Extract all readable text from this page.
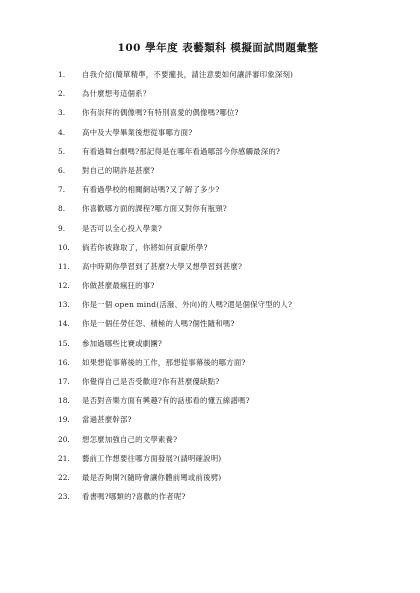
100 學年度 表藝類科 模擬面試問題彙整
1.	自我介紹(簡單精準，不要攏長，請注意要如何讓評審印象深刻)
2.	為什麼想考這個系？
3.	你有崇拜的偶像嗎?有特別喜愛的偶像嗎?哪位?
4.	高中及大學畢業後想從事哪方面?
5.	有看過舞台劇嗎?那記得是在哪年看過哪部今你感觸最深的?
6.	對自己的期許是甚麼?
7.	有看過學校的相關網站嗎?又了解了多少?
8.	你喜歡哪方面的課程?哪方面又對你有瓶頸?
9.	是否可以全心投入學業?
10.	倘若你被錄取了，你將如何貢獻所學?
11.	高中時期你學習到了甚麼?大學又想學習到甚麼?
12.	你做甚麼最瘋狂的事?
13.	你是一個 open mind(活潑、外向)的人嗎?還是個保守型的人?
14.	你是一個任勞任怨、積極的人嗎?個性隨和嗎?
15.	參加過哪些比賽或劇團?
16.	如果想從事幕後的工作，那想從事幕後的哪方面?
17.	你覺得自己是否受歡迎?你有甚麼優缺點?
18.	是否對音樂方面有興趣?有的話那看的懂五線譜嗎?
19.	當過甚麼幹部?
20.	想怎麼加強自己的文學素養?
21.	藝前工作想要往哪方面發展?(請明確說明)
22.	最是否夠開?(隨時會讓你體前彎或前後劈)
23.	看書嗎?哪類的?喜歡的作者呢?
